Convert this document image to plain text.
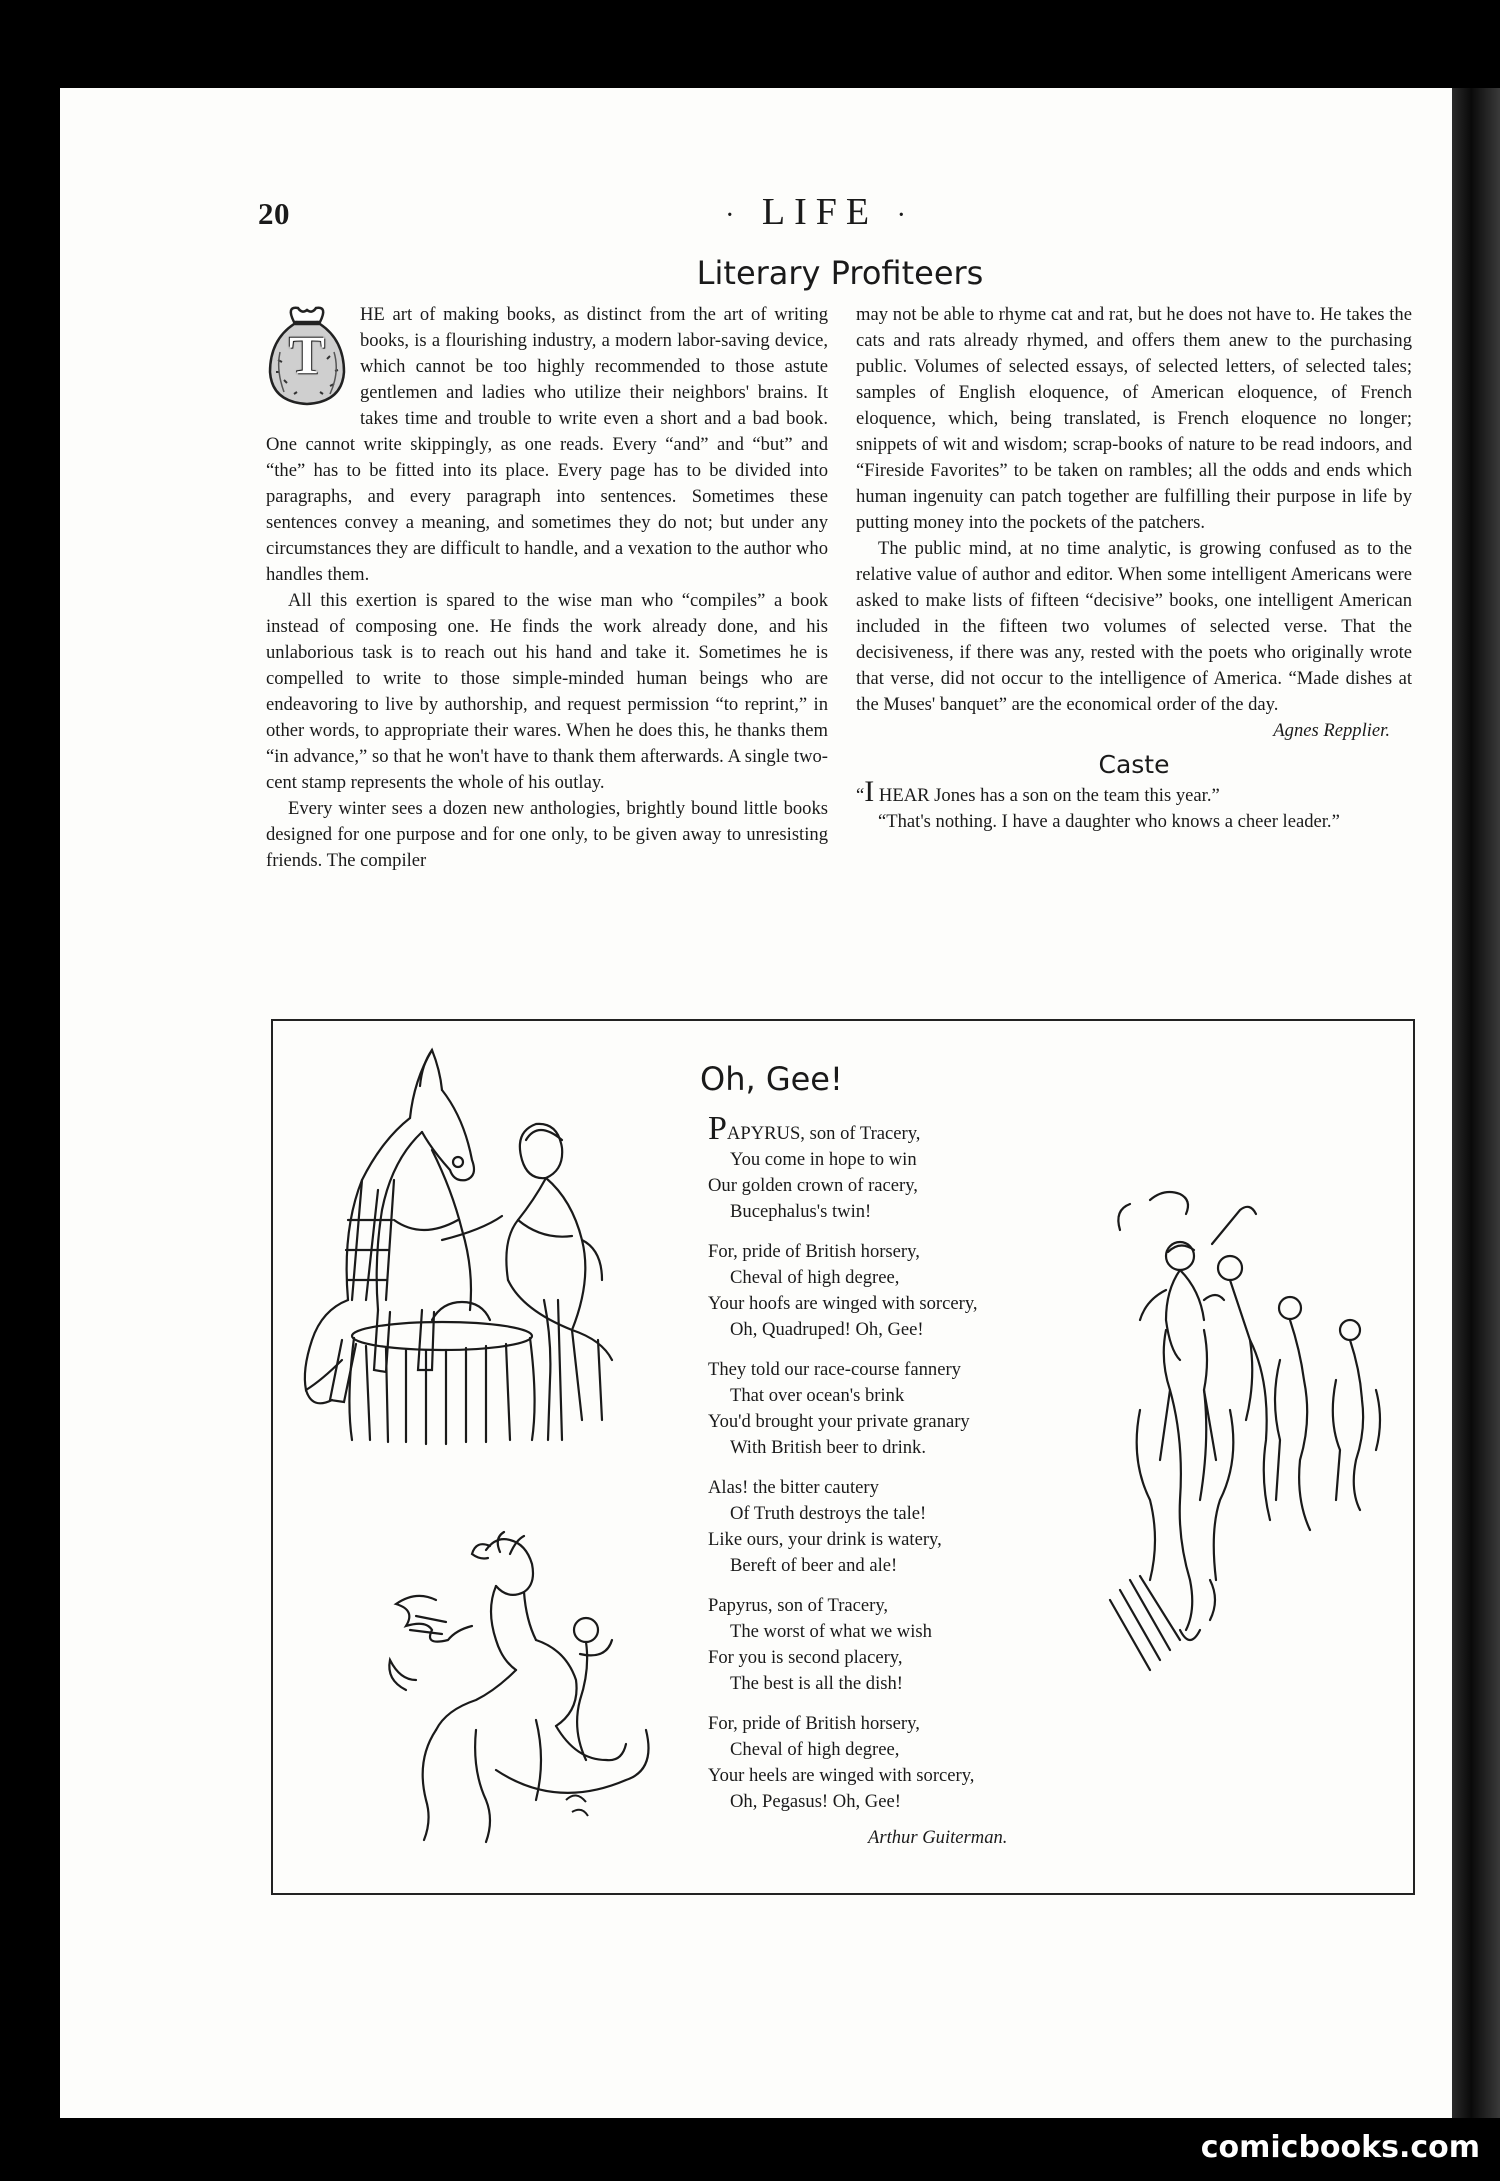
20	· LIFE ·
Literary Profiteers
T

HE art of making books, as distinct from the art of writing books, is a flourishing industry, a modern labor-saving device, which cannot be too highly recommended to those astute gentlemen and ladies who utilize their neighbors' brains. It takes time and trouble to write even a short and a bad book. One cannot write skippingly, as one reads. Every “and” and “but” and “the” has to be fitted into its place. Every page has to be divided into paragraphs, and every paragraph into sentences. Sometimes these sentences convey a meaning, and sometimes they do not; but under any circumstances they are difficult to handle, and a vexation to the author who handles them.

All this exertion is spared to the wise man who “compiles” a book instead of composing one. He finds the work already done, and his unlaborious task is to reach out his hand and take it. Sometimes he is compelled to write to those simple-minded human beings who are endeavoring to live by authorship, and request permission “to reprint,” in other words, to appropriate their wares. When he does this, he thanks them “in advance,” so that he won't have to thank them afterwards. A single two-cent stamp represents the whole of his outlay.

Every winter sees a dozen new anthologies, brightly bound little books designed for one purpose and for one only, to be given away to unresisting friends. The compiler

may not be able to rhyme cat and rat, but he does not have to. He takes the cats and rats already rhymed, and offers them anew to the purchasing public. Volumes of selected essays, of selected letters, of selected tales; samples of English eloquence, of American eloquence, of French eloquence, which, being translated, is French eloquence no longer; snippets of wit and wisdom; scrap-books of nature to be read indoors, and “Fireside Favorites” to be taken on rambles; all the odds and ends which human ingenuity can patch together are fulfilling their purpose in life by putting money into the pockets of the patchers.

The public mind, at no time analytic, is growing confused as to the relative value of author and editor. When some intelligent Americans were asked to make lists of fifteen “decisive” books, one intelligent American included in the fifteen two volumes of selected verse. That the decisiveness, if there was any, rested with the poets who originally wrote that verse, did not occur to the intelligence of America. “Made dishes at the Muses' banquet” are the economical order of the day.

Agnes Repplier.

Caste

“I HEAR Jones has a son on the team this year.”

“That's nothing. I have a daughter who knows a cheer leader.”

Oh, Gee!
PAPYRUS, son of Tracery,
You come in hope to win
Our golden crown of racery,
Bucephalus's twin!
For, pride of British horsery,
Cheval of high degree,
Your hoofs are winged with sorcery,
Oh, Quadruped! Oh, Gee!
They told our race-course fannery
That over ocean's brink
You'd brought your private granary
With British beer to drink.
Alas! the bitter cautery
Of Truth destroys the tale!
Like ours, your drink is watery,
Bereft of beer and ale!
Papyrus, son of Tracery,
The worst of what we wish
For you is second placery,
The best is all the dish!
For, pride of British horsery,
Cheval of high degree,
Your heels are winged with sorcery,
Oh, Pegasus! Oh, Gee!
Arthur Guiterman.
comicbooks.com
